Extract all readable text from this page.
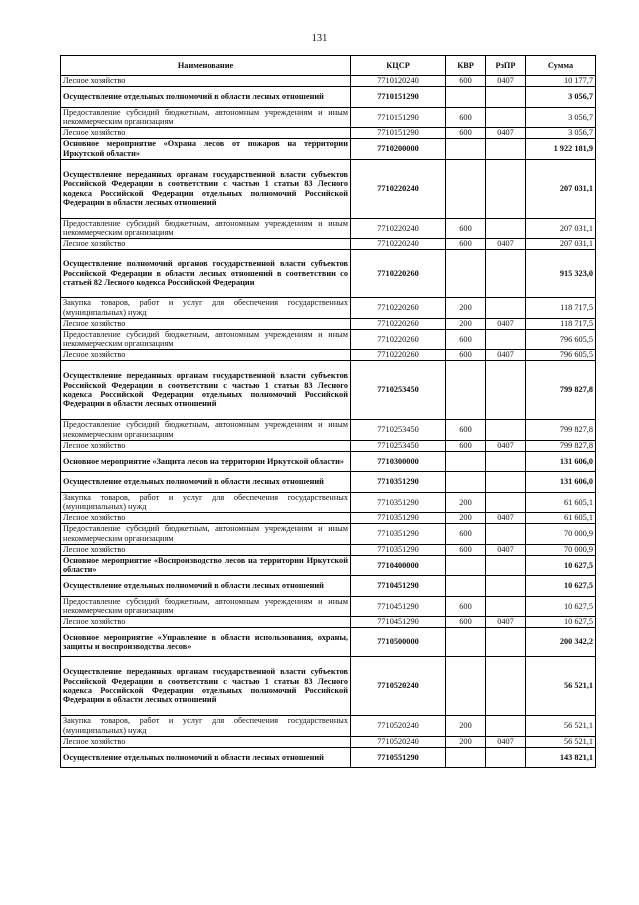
131
Наименование	КЦСР	КВР	РзПР	Сумма
Лесное хозяйство	7710120240	600	0407	10 177,7
Осуществление отдельных полномочий в области лесных отношений	7710151290			3 056,7
Предоставление субсидий бюджетным, автономным учреждениям и иным некоммерческим организациям	7710151290	600		3 056,7
Лесное хозяйство	7710151290	600	0407	3 056,7
Основное мероприятие «Охрана лесов от пожаров на территории Иркутской области»	7710200000			1 922 181,9
Осуществление переданных органам государственной власти субъектов Российской Федерации в соответствии с частью 1 статьи 83 Лесного кодекса Российской Федерации отдельных полномочий Российской Федерации в области лесных отношений	7710220240			207 031,1
Предоставление субсидий бюджетным, автономным учреждениям и иным некоммерческим организациям	7710220240	600		207 031,1
Лесное хозяйство	7710220240	600	0407	207 031,1
Осуществление полномочий органов государственной власти субъектов Российской Федерации в области лесных отношений в соответствии со статьей 82 Лесного кодекса Российской Федерации	7710220260			915 323,0
Закупка товаров, работ и услуг для обеспечения государственных (муниципальных) нужд	7710220260	200		118 717,5
Лесное хозяйство	7710220260	200	0407	118 717,5
Предоставление субсидий бюджетным, автономным учреждениям и иным некоммерческим организациям	7710220260	600		796 605,5
Лесное хозяйство	7710220260	600	0407	796 605,5
Осуществление переданных органам государственной власти субъектов Российской Федерации в соответствии с частью 1 статьи 83 Лесного кодекса Российской Федерации отдельных полномочий Российской Федерации в области лесных отношений	7710253450			799 827,8
Предоставление субсидий бюджетным, автономным учреждениям и иным некоммерческим организациям	7710253450	600		799 827,8
Лесное хозяйство	7710253450	600	0407	799 827,8
Основное мероприятие «Защита лесов на территории Иркутской области»	7710300000			131 606,0
Осуществление отдельных полномочий в области лесных отношений	7710351290			131 606,0
Закупка товаров, работ и услуг для обеспечения государственных (муниципальных) нужд	7710351290	200		61 605,1
Лесное хозяйство	7710351290	200	0407	61 605,1
Предоставление субсидий бюджетным, автономным учреждениям и иным некоммерческим организациям	7710351290	600		70 000,9
Лесное хозяйство	7710351290	600	0407	70 000,9
Основное мероприятие «Воспроизводство лесов на территории Иркутской области»	7710400000			10 627,5
Осуществление отдельных полномочий в области лесных отношений	7710451290			10 627,5
Предоставление субсидий бюджетным, автономным учреждениям и иным некоммерческим организациям	7710451290	600		10 627,5
Лесное хозяйство	7710451290	600	0407	10 627,5
Основное мероприятие «Управление в области использования, охраны, защиты и воспроизводства лесов»	7710500000			200 342,2
Осуществление переданных органам государственной власти субъектов Российской Федерации в соответствии с частью 1 статьи 83 Лесного кодекса Российской Федерации отдельных полномочий Российской Федерации в области лесных отношений	7710520240			56 521,1
Закупка товаров, работ и услуг для обеспечения государственных (муниципальных) нужд	7710520240	200		56 521,1
Лесное хозяйство	7710520240	200	0407	56 521,1
Осуществление отдельных полномочий в области лесных отношений	7710551290			143 821,1
